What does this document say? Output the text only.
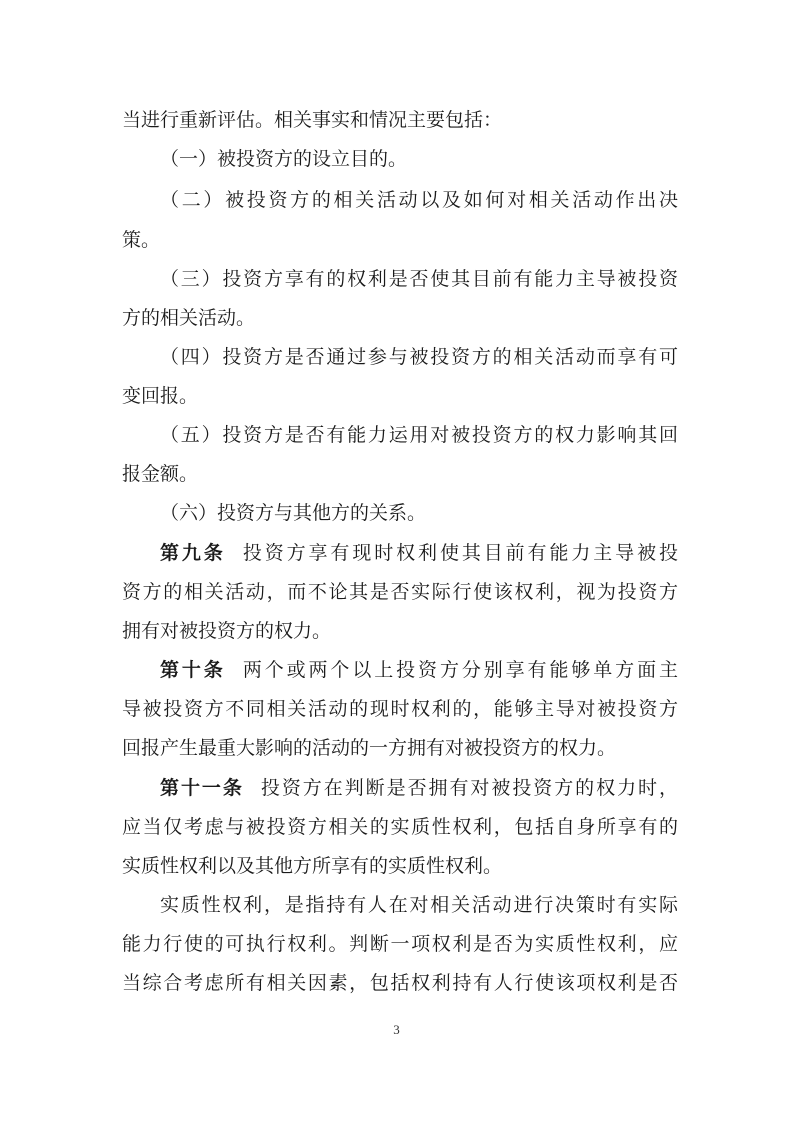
当进行重新评估。相关事实和情况主要包括：
（一）被投资方的设立目的。
（二）被投资方的相关活动以及如何对相关活动作出决
策。
（三）投资方享有的权利是否使其目前有能力主导被投资
方的相关活动。
（四）投资方是否通过参与被投资方的相关活动而享有可
变回报。
（五）投资方是否有能力运用对被投资方的权力影响其回
报金额。
（六）投资方与其他方的关系。
第九条 投资方享有现时权利使其目前有能力主导被投
资方的相关活动，而不论其是否实际行使该权利，视为投资方
拥有对被投资方的权力。
第十条 两个或两个以上投资方分别享有能够单方面主
导被投资方不同相关活动的现时权利的，能够主导对被投资方
回报产生最重大影响的活动的一方拥有对被投资方的权力。
第十一条 投资方在判断是否拥有对被投资方的权力时，
应当仅考虑与被投资方相关的实质性权利，包括自身所享有的
实质性权利以及其他方所享有的实质性权利。
实质性权利，是指持有人在对相关活动进行决策时有实际
能力行使的可执行权利。判断一项权利是否为实质性权利，应
当综合考虑所有相关因素，包括权利持有人行使该项权利是否
3
